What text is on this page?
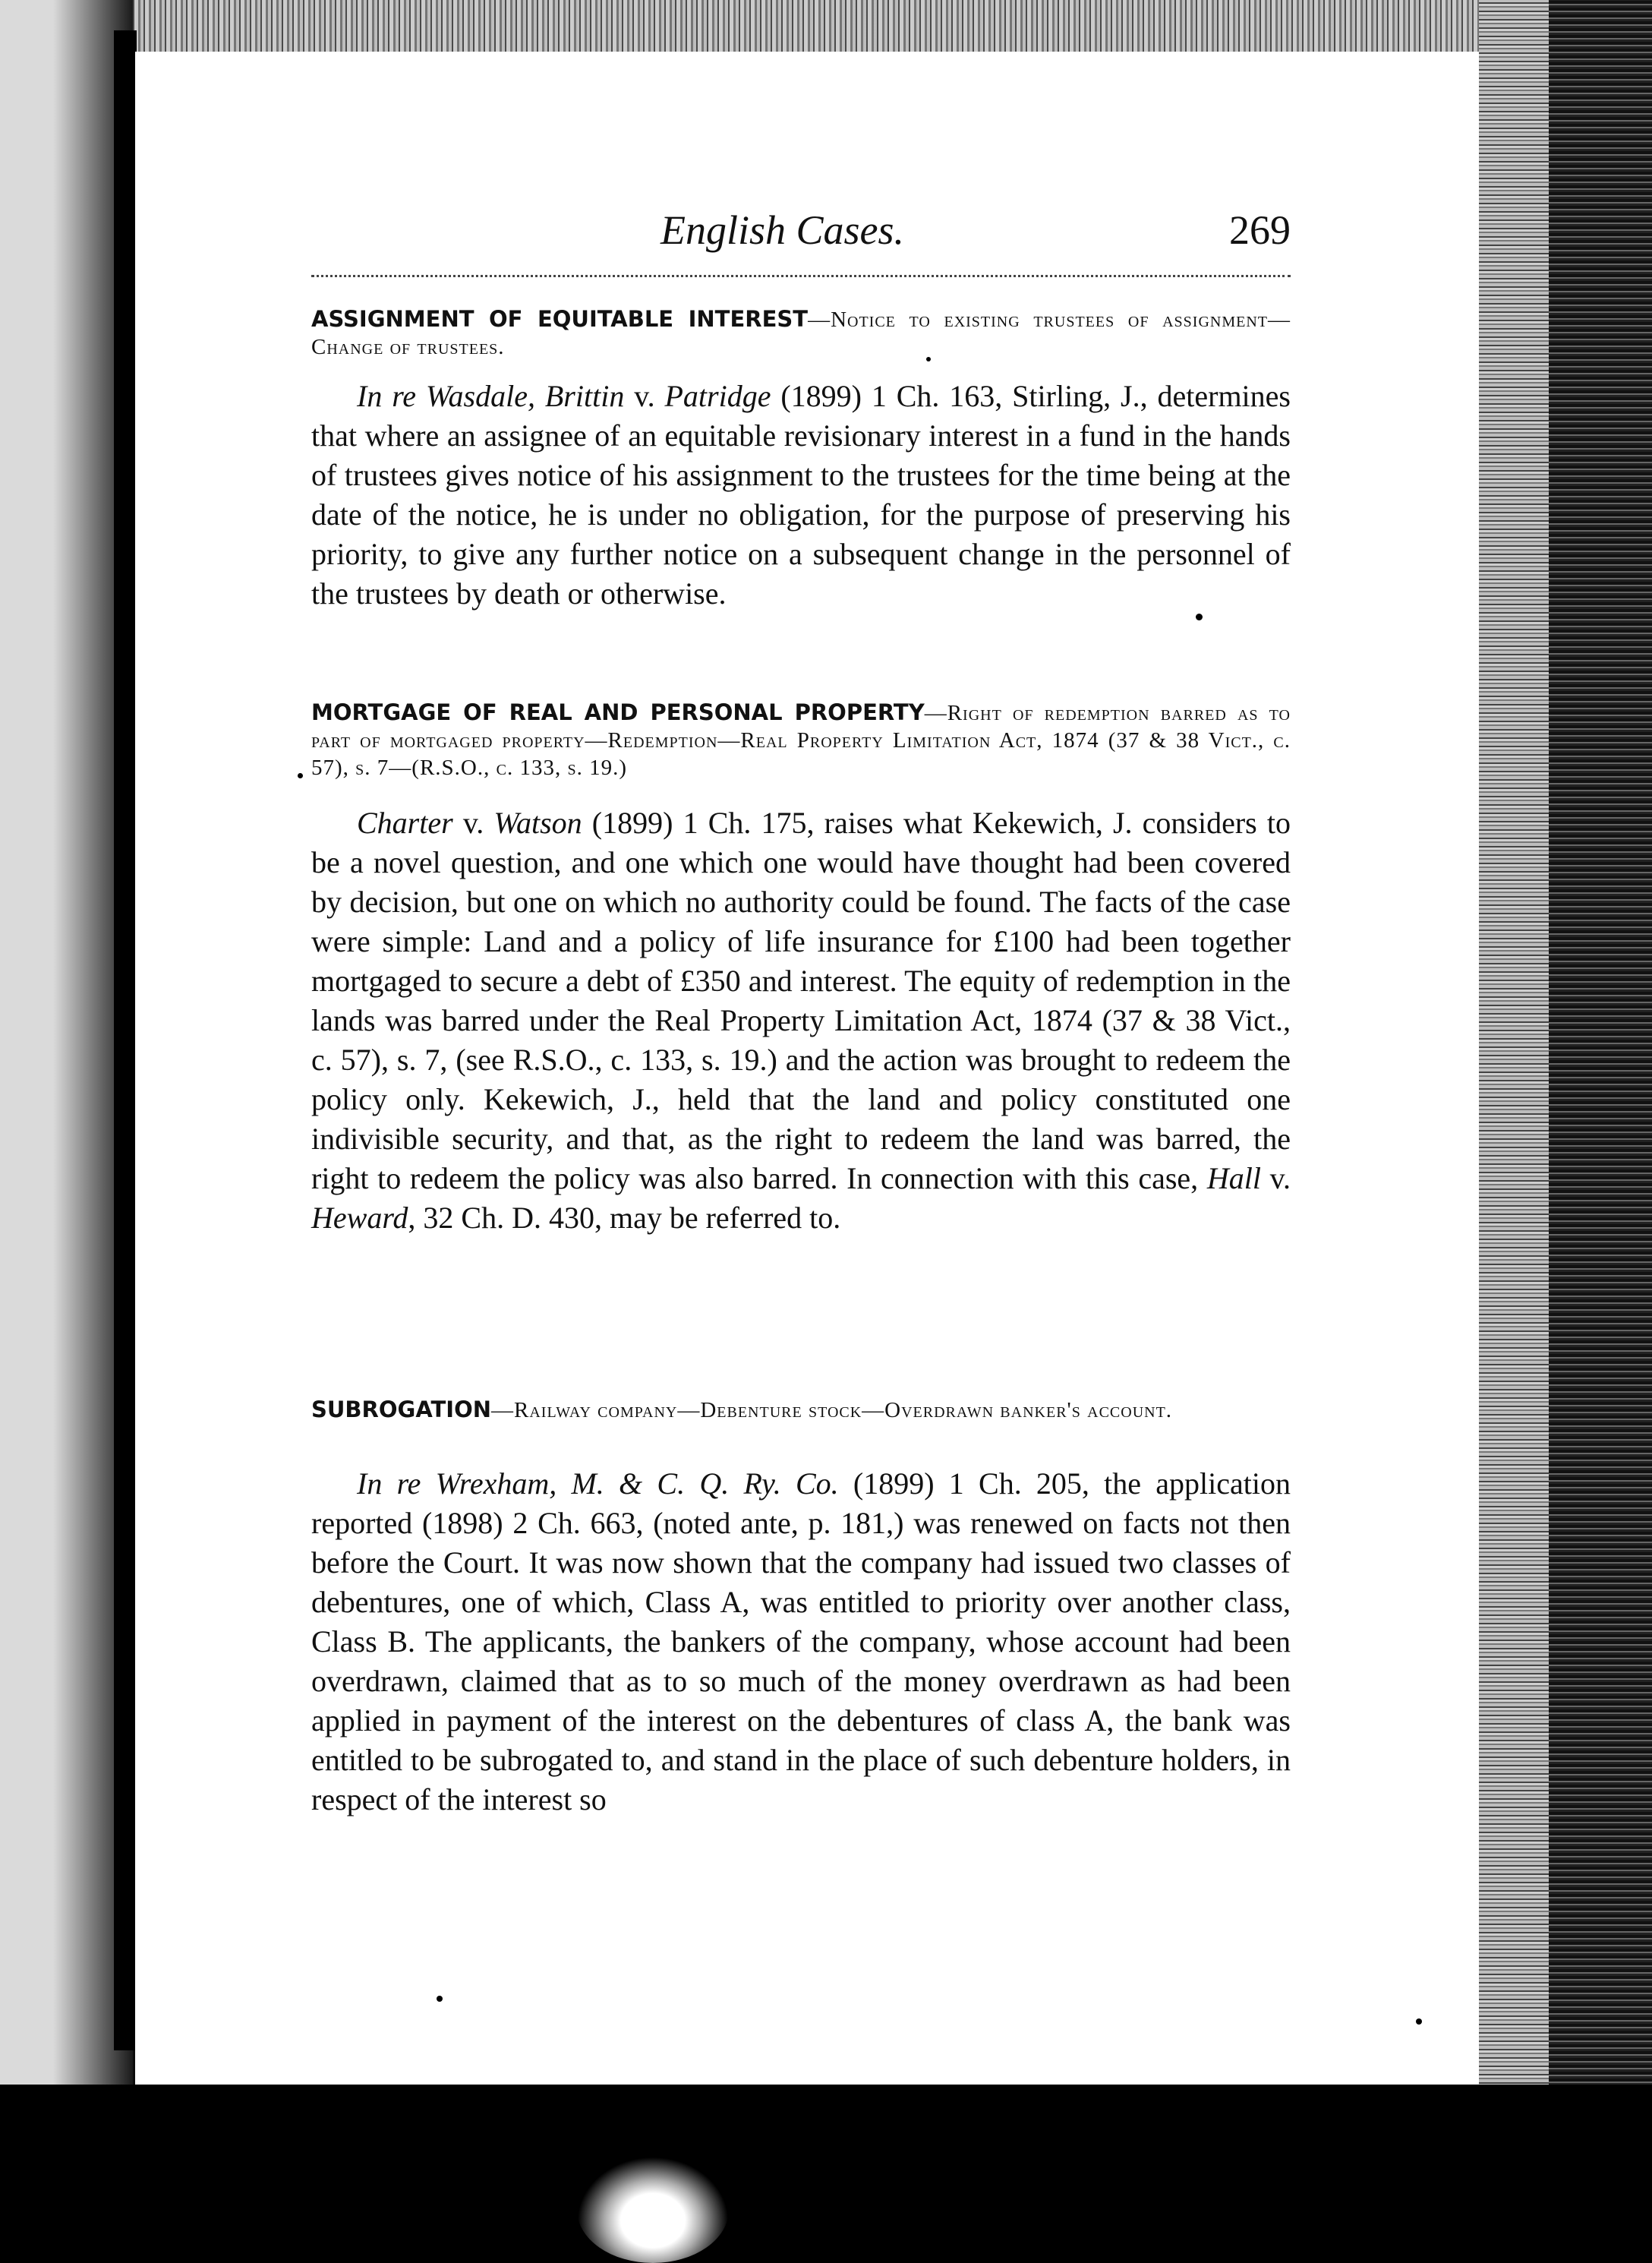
English Cases.	269
ASSIGNMENT OF EQUITABLE INTEREST—Notice to existing trustees of assignment—Change of trustees.
In re Wasdale, Brittin v. Patridge (1899) 1 Ch. 163, Stirling, J., determines that where an assignee of an equitable revisionary interest in a fund in the hands of trustees gives notice of his assignment to the trustees for the time being at the date of the notice, he is under no obligation, for the purpose of preserving his priority, to give any further notice on a subsequent change in the personnel of the trustees by death or otherwise.
MORTGAGE OF REAL AND PERSONAL PROPERTY—Right of redemption barred as to part of mortgaged property—Redemption—Real Property Limitation Act, 1874 (37 & 38 Vict., c. 57), s. 7—(R.S.O., c. 133, s. 19.)
Charter v. Watson (1899) 1 Ch. 175, raises what Kekewich, J. considers to be a novel question, and one which one would have thought had been covered by decision, but one on which no authority could be found. The facts of the case were simple: Land and a policy of life insurance for £100 had been together mortgaged to secure a debt of £350 and interest. The equity of redemption in the lands was barred under the Real Property Limitation Act, 1874 (37 & 38 Vict., c. 57), s. 7, (see R.S.O., c. 133, s. 19.) and the action was brought to redeem the policy only. Kekewich, J., held that the land and policy constituted one indivisible security, and that, as the right to redeem the land was barred, the right to redeem the policy was also barred. In connection with this case, Hall v. Heward, 32 Ch. D. 430, may be referred to.
SUBROGATION—Railway company—Debenture stock—Overdrawn banker's account.
In re Wrexham, M. & C. Q. Ry. Co. (1899) 1 Ch. 205, the application reported (1898) 2 Ch. 663, (noted ante, p. 181,) was renewed on facts not then before the Court. It was now shown that the company had issued two classes of debentures, one of which, Class A, was entitled to priority over another class, Class B. The applicants, the bankers of the company, whose account had been overdrawn, claimed that as to so much of the money overdrawn as had been applied in payment of the interest on the debentures of class A, the bank was entitled to be subrogated to, and stand in the place of such debenture holders, in respect of the interest so
